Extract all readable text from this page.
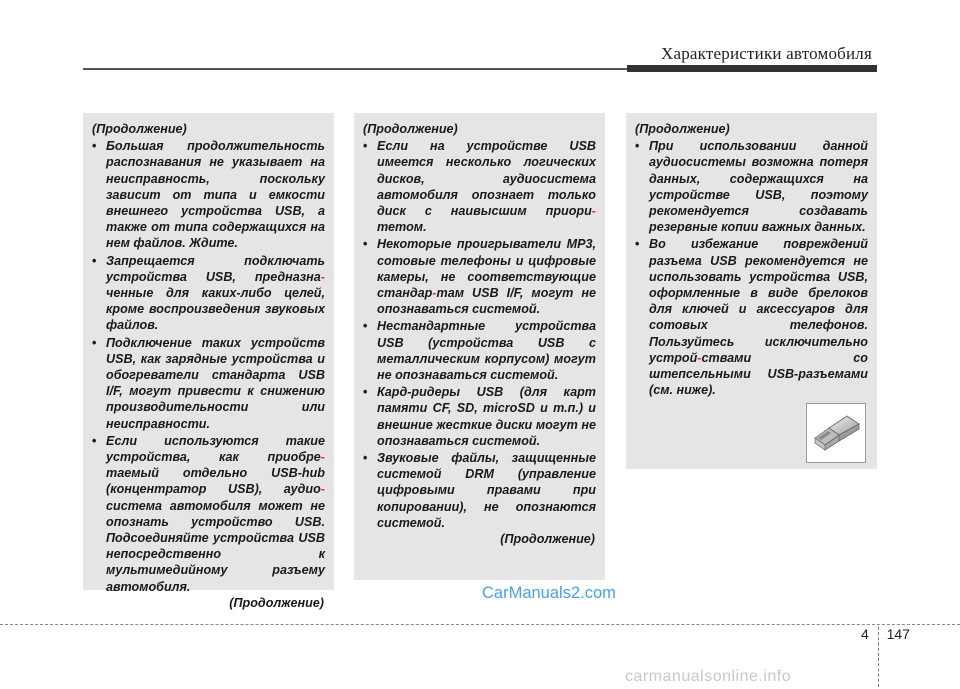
Характеристики автомобиля
(Продолжение)
• Большая продолжительность распознавания не указывает на неисправность, поскольку зависит от типа и емкости внешнего устройства USB, а также от типа содержащихся на нем файлов. Ждите.
• Запрещается подключать устройства USB, предназна-ченные для каких-либо целей, кроме воспроизведения звуковых файлов.
• Подключение таких устройств USB, как зарядные устройства и обогреватели стандарта USB I/F, могут привести к снижению производительности или неисправности.
• Если используются такие устройства, как приобре-таемый отдельно USB-hub (концентратор USB), аудио-система автомобиля может не опознать устройство USB. Подсоединяйте устройства USB непосредственно к мультимедийному разъему автомобиля.
(Продолжение)
(Продолжение)
• Если на устройстве USB имеется несколько логических дисков, аудиосистема автомобиля опознает только диск с наивысшим приори-тетом.
• Некоторые проигрыватели MP3, сотовые телефоны и цифровые камеры, не соответствующие стандар-там USB I/F, могут не опознаваться системой.
• Нестандартные устройства USB (устройства USB с металлическим корпусом) могут не опознаваться системой.
• Кард-ридеры USB (для карт памяти CF, SD, microSD и т.п.) и внешние жесткие диски могут не опознаваться системой.
• Звуковые файлы, защищенные системой DRM (управление цифровыми правами при копировании), не опознаются системой.
(Продолжение)
(Продолжение)
• При использовании данной аудиосистемы возможна потеря данных, содержащихся на устройстве USB, поэтому рекомендуется создавать резервные копии важных данных.
• Во избежание повреждений разъема USB рекомендуется не использовать устройства USB, оформленные в виде брелоков для ключей и аксессуаров для сотовых телефонов. Пользуйтесь исключительно устрой-ствами со штепсельными USB-разъемами (см. ниже).
CarManuals2.com
4 147
carmanualsonline.info
